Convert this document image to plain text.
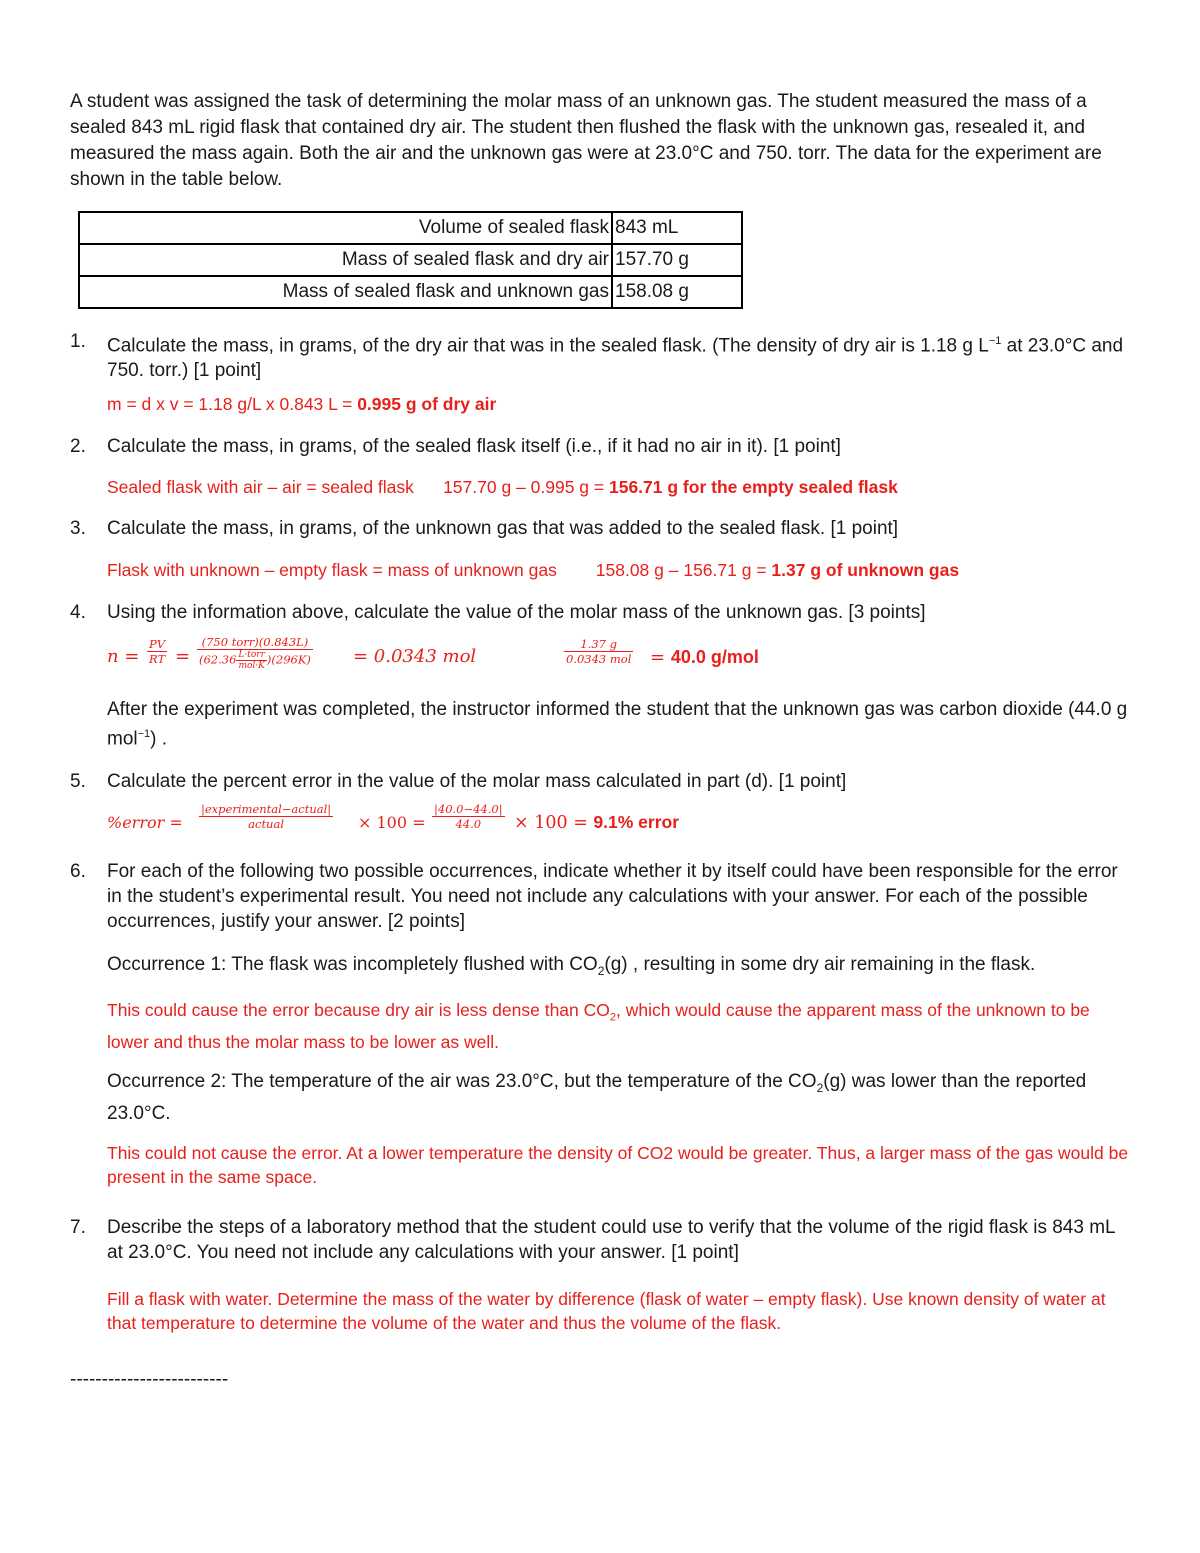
A student was assigned the task of determining the molar mass of an unknown gas. The student measured the mass of a sealed 843 mL rigid flask that contained dry air. The student then flushed the flask with the unknown gas, resealed it, and measured the mass again. Both the air and the unknown gas were at 23.0°C and 750. torr. The data for the experiment are shown in the table below.

Volume of sealed flask	843 mL
Mass of sealed flask and dry air	157.70 g
Mass of sealed flask and unknown gas	158.08 g

1. Calculate the mass, in grams, of the dry air that was in the sealed flask. (The density of dry air is 1.18 g $L^{-1}$ at 23.0°C and 750. torr.) [1 point]

m = d x v = 1.18 g/L x 0.843 L = 0.995 g of dry air

2. Calculate the mass, in grams, of the sealed flask itself (i.e., if it had no air in it). [1 point]

Sealed flask with air – air = sealed flask      157.70 g – 0.995 g = 156.71 g for the empty sealed flask

3. Calculate the mass, in grams, of the unknown gas that was added to the sealed flask. [1 point]

Flask with unknown – empty flask = mass of unknown gas        158.08 g – 156.71 g = 1.37 g of unknown gas

4. Using the information above, calculate the value of the molar mass of the unknown gas. [3 points]

$n = \frac{PV}{RT}$ =
(750 torr)(0.843L)
(62.36 L·torr
mol·K )(296K) = 0.0343 mol
1.37 g
0.0343 mol = 40.0 g/mol

After the experiment was completed, the instructor informed the student that the unknown gas was carbon dioxide (44.0 g mol$^{-1}$) .

5. Calculate the percent error in the value of the molar mass calculated in part (d). [1 point]

%error =
|experimental−actual|
actual	× $100 = \frac{|40.0-44.0|}{44.0} \times 100 = 9.1\%$ error

6. For each of the following two possible occurrences, indicate whether it by itself could have been responsible for the error in the student’s experimental result. You need not include any calculations with your answer. For each of the possible occurrences, justify your answer. [2 points]

Occurrence 1: The flask was incompletely flushed with $CO_2(g)$ , resulting in some dry air remaining in the flask.

This could cause the error because dry air is less dense than $CO_2$, which would cause the apparent mass of the unknown to be lower and thus the molar mass to be lower as well.

Occurrence 2: The temperature of the air was 23.0°C, but the temperature of the $CO_2(g)$ was lower than the reported 23.0°C.

This could not cause the error. At a lower temperature the density of CO2 would be greater. Thus, a larger mass of the gas would be present in the same space.

7. Describe the steps of a laboratory method that the student could use to verify that the volume of the rigid flask is 843 mL at 23.0°C. You need not include any calculations with your answer. [1 point]

Fill a flask with water. Determine the mass of the water by difference (flask of water – empty flask). Use known density of water at that temperature to determine the volume of the water and thus the volume of the flask.

-------------------------
